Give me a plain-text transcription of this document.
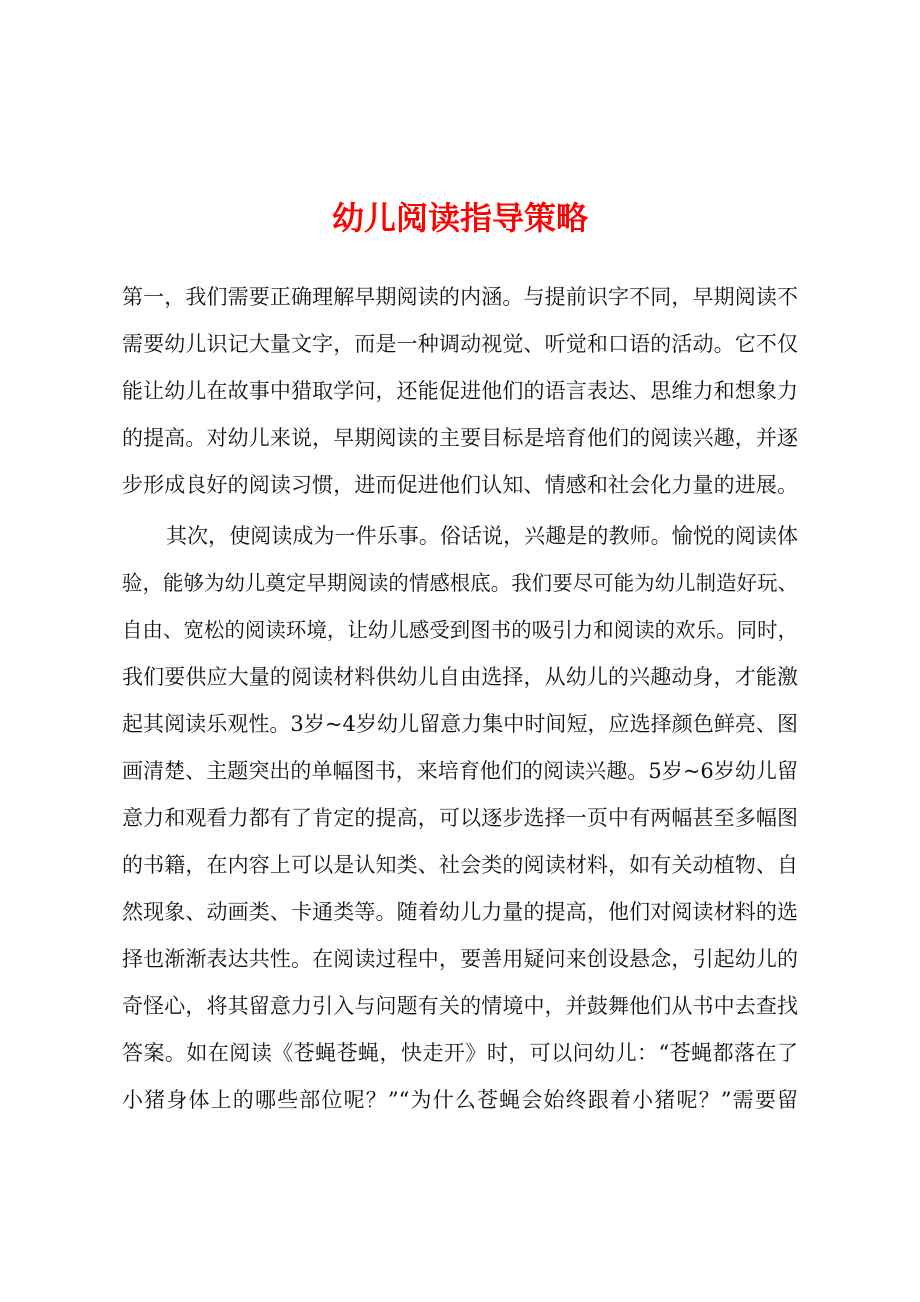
幼儿阅读指导策略
第一，我们需要正确理解早期阅读的内涵。与提前识字不同，早期阅读不
需要幼儿识记大量文字，而是一种调动视觉、听觉和口语的活动。它不仅
能让幼儿在故事中猎取学问，还能促进他们的语言表达、思维力和想象力
的提高。对幼儿来说，早期阅读的主要目标是培育他们的阅读兴趣，并逐
步形成良好的阅读习惯，进而促进他们认知、情感和社会化力量的进展。
其次，使阅读成为一件乐事。俗话说，兴趣是的教师。愉悦的阅读体
验，能够为幼儿奠定早期阅读的情感根底。我们要尽可能为幼儿制造好玩、
自由、宽松的阅读环境，让幼儿感受到图书的吸引力和阅读的欢乐。同时，
我们要供应大量的阅读材料供幼儿自由选择，从幼儿的兴趣动身，才能激
起其阅读乐观性。3岁~4岁幼儿留意力集中时间短，应选择颜色鲜亮、图
画清楚、主题突出的单幅图书，来培育他们的阅读兴趣。5岁~6岁幼儿留
意力和观看力都有了肯定的提高，可以逐步选择一页中有两幅甚至多幅图
的书籍，在内容上可以是认知类、社会类的阅读材料，如有关动植物、自
然现象、动画类、卡通类等。随着幼儿力量的提高，他们对阅读材料的选
择也渐渐表达共性。在阅读过程中，要善用疑问来创设悬念，引起幼儿的
奇怪心，将其留意力引入与问题有关的情境中，并鼓舞他们从书中去查找
答案。如在阅读《苍蝇苍蝇，快走开》时，可以问幼儿：“苍蝇都落在了
小猪身体上的哪些部位呢？”“为什么苍蝇会始终跟着小猪呢？”需要留
